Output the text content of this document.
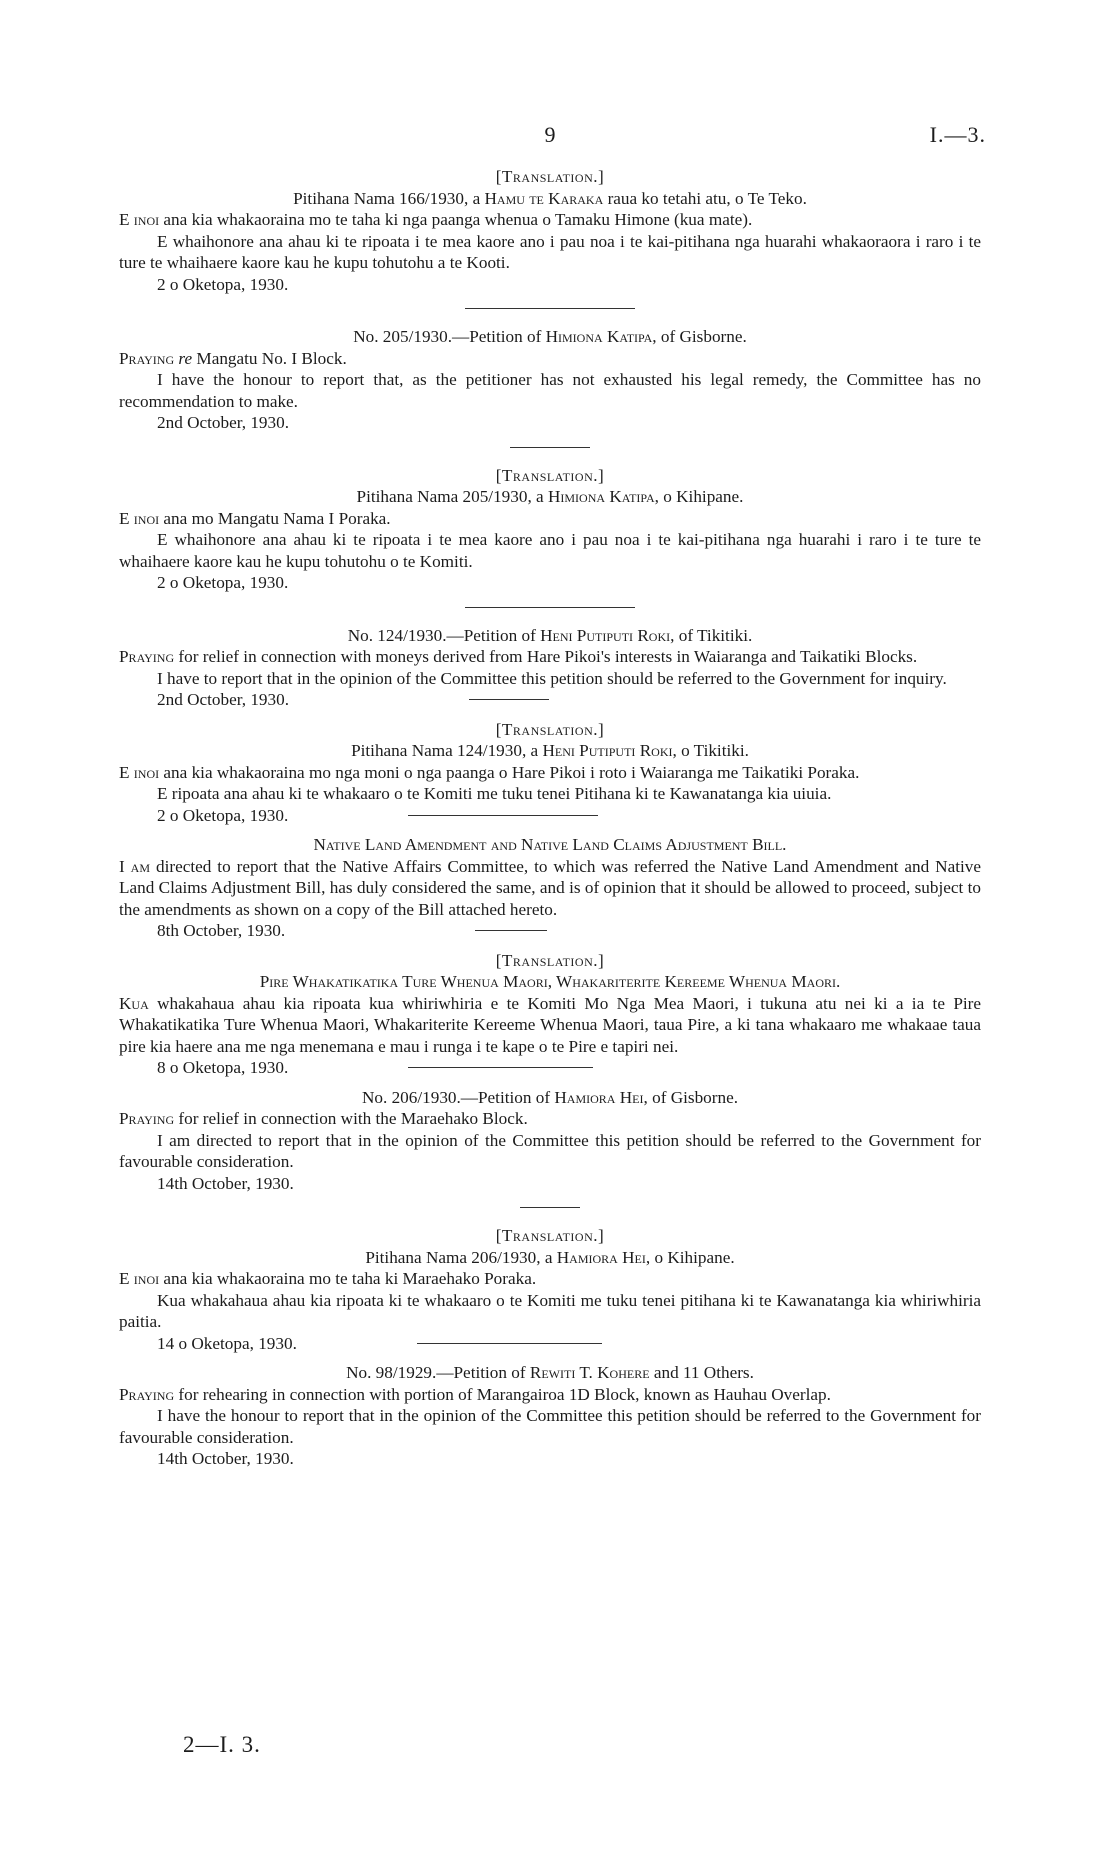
9	I.—3.

[Translation.]

Pitihana Nama 166/1930, a Hamu te Karaka raua ko tetahi atu, o Te Teko.

E inoi ana kia whakaoraina mo te taha ki nga paanga whenua o Tamaku Himone (kua mate).

E whaihonore ana ahau ki te ripoata i te mea kaore ano i pau noa i te kai-pitihana nga huarahi whakaoraora i raro i te ture te whaihaere kaore kau he kupu tohutohu a te Kooti.

2 o Oketopa, 1930.

No. 205/1930.—Petition of Himiona Katipa, of Gisborne.

Praying re Mangatu No. I Block.

I have the honour to report that, as the petitioner has not exhausted his legal remedy, the Committee has no recommendation to make.

2nd October, 1930.

[Translation.]

Pitihana Nama 205/1930, a Himiona Katipa, o Kihipane.

E inoi ana mo Mangatu Nama I Poraka.

E whaihonore ana ahau ki te ripoata i te mea kaore ano i pau noa i te kai-pitihana nga huarahi i raro i te ture te whaihaere kaore kau he kupu tohutohu o te Komiti.

2 o Oketopa, 1930.

No. 124/1930.—Petition of Heni Putiputi Roki, of Tikitiki.

Praying for relief in connection with moneys derived from Hare Pikoi's interests in Waiaranga and Taikatiki Blocks.

I have to report that in the opinion of the Committee this petition should be referred to the Government for inquiry.

2nd October, 1930.

[Translation.]

Pitihana Nama 124/1930, a Heni Putiputi Roki, o Tikitiki.

E inoi ana kia whakaoraina mo nga moni o nga paanga o Hare Pikoi i roto i Waiaranga me Taikatiki Poraka.

E ripoata ana ahau ki te whakaaro o te Komiti me tuku tenei Pitihana ki te Kawanatanga kia uiuia.

2 o Oketopa, 1930.

Native Land Amendment and Native Land Claims Adjustment Bill.

I am directed to report that the Native Affairs Committee, to which was referred the Native Land Amendment and Native Land Claims Adjustment Bill, has duly considered the same, and is of opinion that it should be allowed to proceed, subject to the amendments as shown on a copy of the Bill attached hereto.

8th October, 1930.

[Translation.]

Pire Whakatikatika Ture Whenua Maori, Whakariterite Kereeme Whenua Maori.

Kua whakahaua ahau kia ripoata kua whiriwhiria e te Komiti Mo Nga Mea Maori, i tukuna atu nei ki a ia te Pire Whakatikatika Ture Whenua Maori, Whakariterite Kereeme Whenua Maori, taua Pire, a ki tana whakaaro me whakaae taua pire kia haere ana me nga menemana e mau i runga i te kape o te Pire e tapiri nei.

8 o Oketopa, 1930.

No. 206/1930.—Petition of Hamiora Hei, of Gisborne.

Praying for relief in connection with the Maraehako Block.

I am directed to report that in the opinion of the Committee this petition should be referred to the Government for favourable consideration.

14th October, 1930.

[Translation.]

Pitihana Nama 206/1930, a Hamiora Hei, o Kihipane.

E inoi ana kia whakaoraina mo te taha ki Maraehako Poraka.

Kua whakahaua ahau kia ripoata ki te whakaaro o te Komiti me tuku tenei pitihana ki te Kawanatanga kia whiriwhiria paitia.

14 o Oketopa, 1930.

No. 98/1929.—Petition of Rewiti T. Kohere and 11 Others.

Praying for rehearing in connection with portion of Marangairoa 1D Block, known as Hauhau Overlap.

I have the honour to report that in the opinion of the Committee this petition should be referred to the Government for favourable consideration.

14th October, 1930.

2—I. 3.
